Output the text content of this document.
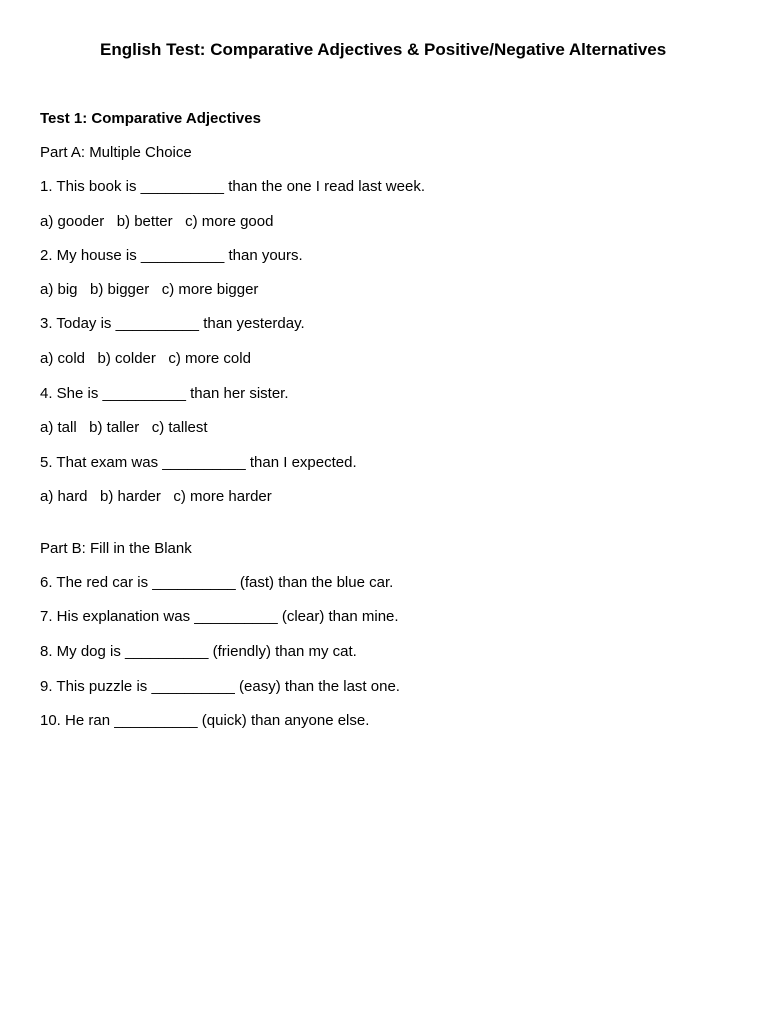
English Test: Comparative Adjectives & Positive/Negative Alternatives
Test 1: Comparative Adjectives
Part A: Multiple Choice
1. This book is __________ than the one I read last week.
a) gooder   b) better   c) more good
2. My house is __________ than yours.
a) big   b) bigger   c) more bigger
3. Today is __________ than yesterday.
a) cold   b) colder   c) more cold
4. She is __________ than her sister.
a) tall   b) taller   c) tallest
5. That exam was __________ than I expected.
a) hard   b) harder   c) more harder
Part B: Fill in the Blank
6. The red car is __________ (fast) than the blue car.
7. His explanation was __________ (clear) than mine.
8. My dog is __________ (friendly) than my cat.
9. This puzzle is __________ (easy) than the last one.
10. He ran __________ (quick) than anyone else.
